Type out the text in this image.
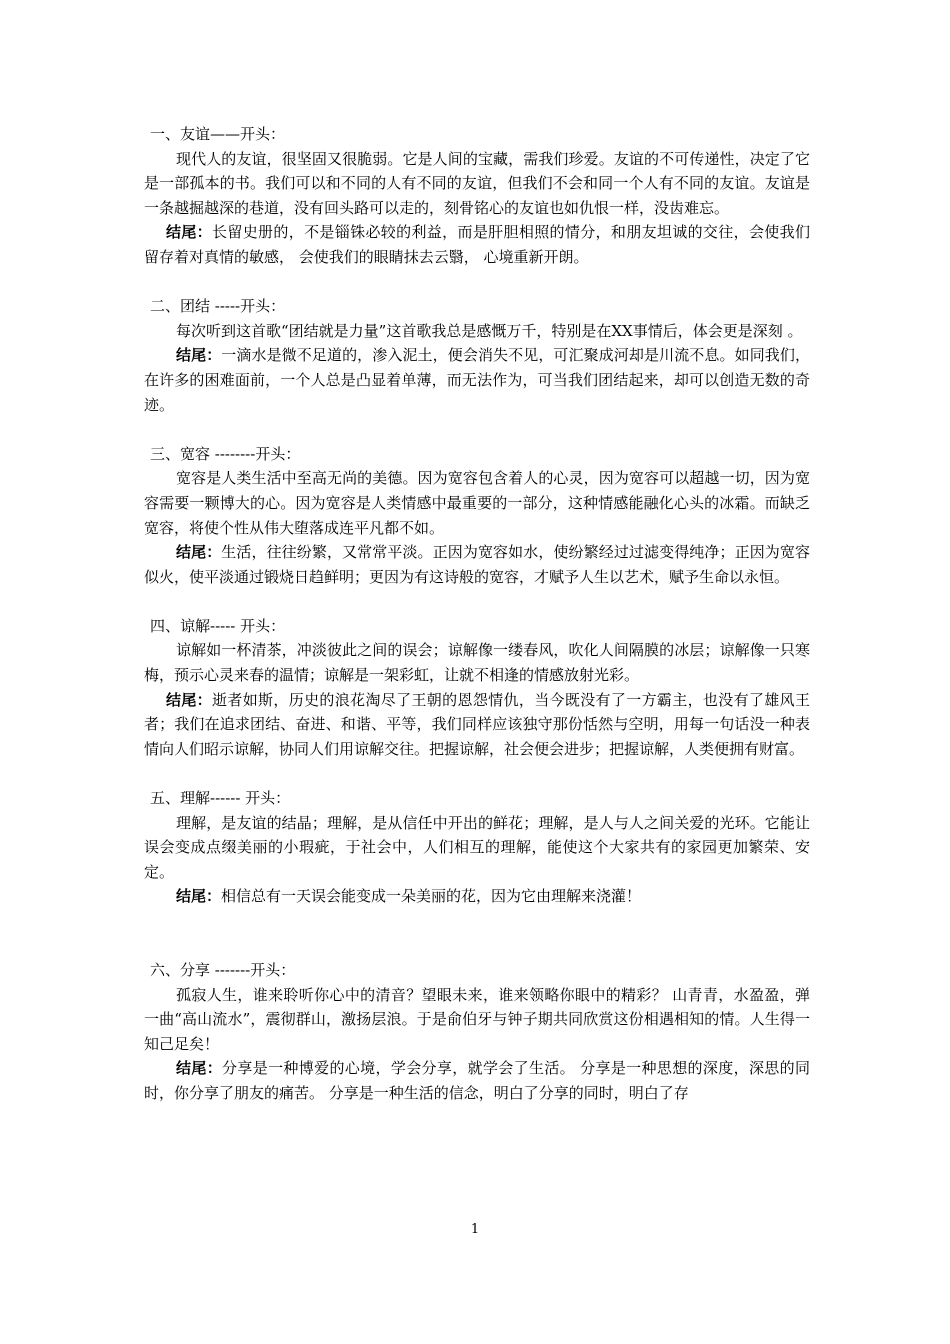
一、友谊——开头：

现代人的友谊，很坚固又很脆弱。它是人间的宝藏，需我们珍爱。友谊的不可传递性，决定了它是一部孤本的书。我们可以和不同的人有不同的友谊，但我们不会和同一个人有不同的友谊。友谊是一条越掘越深的巷道，没有回头路可以走的，刻骨铭心的友谊也如仇恨一样，没齿难忘。

结尾：长留史册的，不是锱铢必较的利益，而是肝胆相照的情分，和朋友坦诚的交往，会使我们留存着对真情的敏感， 会使我们的眼睛抹去云翳， 心境重新开朗。

二、团结 -----开头：

每次听到这首歌“团结就是力量”这首歌我总是感慨万千，特别是在XX事情后，体会更是深刻 。

结尾：一滴水是微不足道的，渗入泥土，便会消失不见，可汇聚成河却是川流不息。如同我们，在许多的困难面前，一个人总是凸显着单薄，而无法作为，可当我们团结起来，却可以创造无数的奇迹。

三、宽容 --------开头：

宽容是人类生活中至高无尚的美德。因为宽容包含着人的心灵，因为宽容可以超越一切，因为宽容需要一颗博大的心。因为宽容是人类情感中最重要的一部分，这种情感能融化心头的冰霜。而缺乏宽容，将使个性从伟大堕落成连平凡都不如。

结尾：生活，往往纷繁，又常常平淡。正因为宽容如水，使纷繁经过过滤变得纯净；正因为宽容似火，使平淡通过锻烧日趋鲜明；更因为有这诗般的宽容，才赋予人生以艺术，赋予生命以永恒。

四、谅解----- 开头：

谅解如一杯清茶，冲淡彼此之间的误会；谅解像一缕春风，吹化人间隔膜的冰层；谅解像一只寒梅，预示心灵来春的温情；谅解是一架彩虹，让就不相逢的情感放射光彩。

结尾：逝者如斯，历史的浪花淘尽了王朝的恩怨情仇，当今既没有了一方霸主，也没有了雄风王者；我们在追求团结、奋进、和谐、平等，我们同样应该独守那份恬然与空明，用每一句话没一种表情向人们昭示谅解，协同人们用谅解交往。把握谅解，社会便会进步；把握谅解，人类便拥有财富。

五、理解------ 开头：

理解，是友谊的结晶；理解，是从信任中开出的鲜花；理解，是人与人之间关爱的光环。它能让误会变成点缀美丽的小瑕疵，于社会中，人们相互的理解，能使这个大家共有的家园更加繁荣、安定。

结尾：相信总有一天误会能变成一朵美丽的花，因为它由理解来浇灌！

六、分享 -------开头：

孤寂人生，谁来聆听你心中的清音？望眼未来，谁来领略你眼中的精彩？ 山青青，水盈盈，弹一曲“高山流水”，震彻群山，激扬层浪。于是俞伯牙与钟子期共同欣赏这份相遇相知的情。人生得一知己足矣！

结尾：分享是一种博爱的心境，学会分享，就学会了生活。 分享是一种思想的深度，深思的同时，你分享了朋友的痛苦。 分享是一种生活的信念，明白了分享的同时，明白了存

1
